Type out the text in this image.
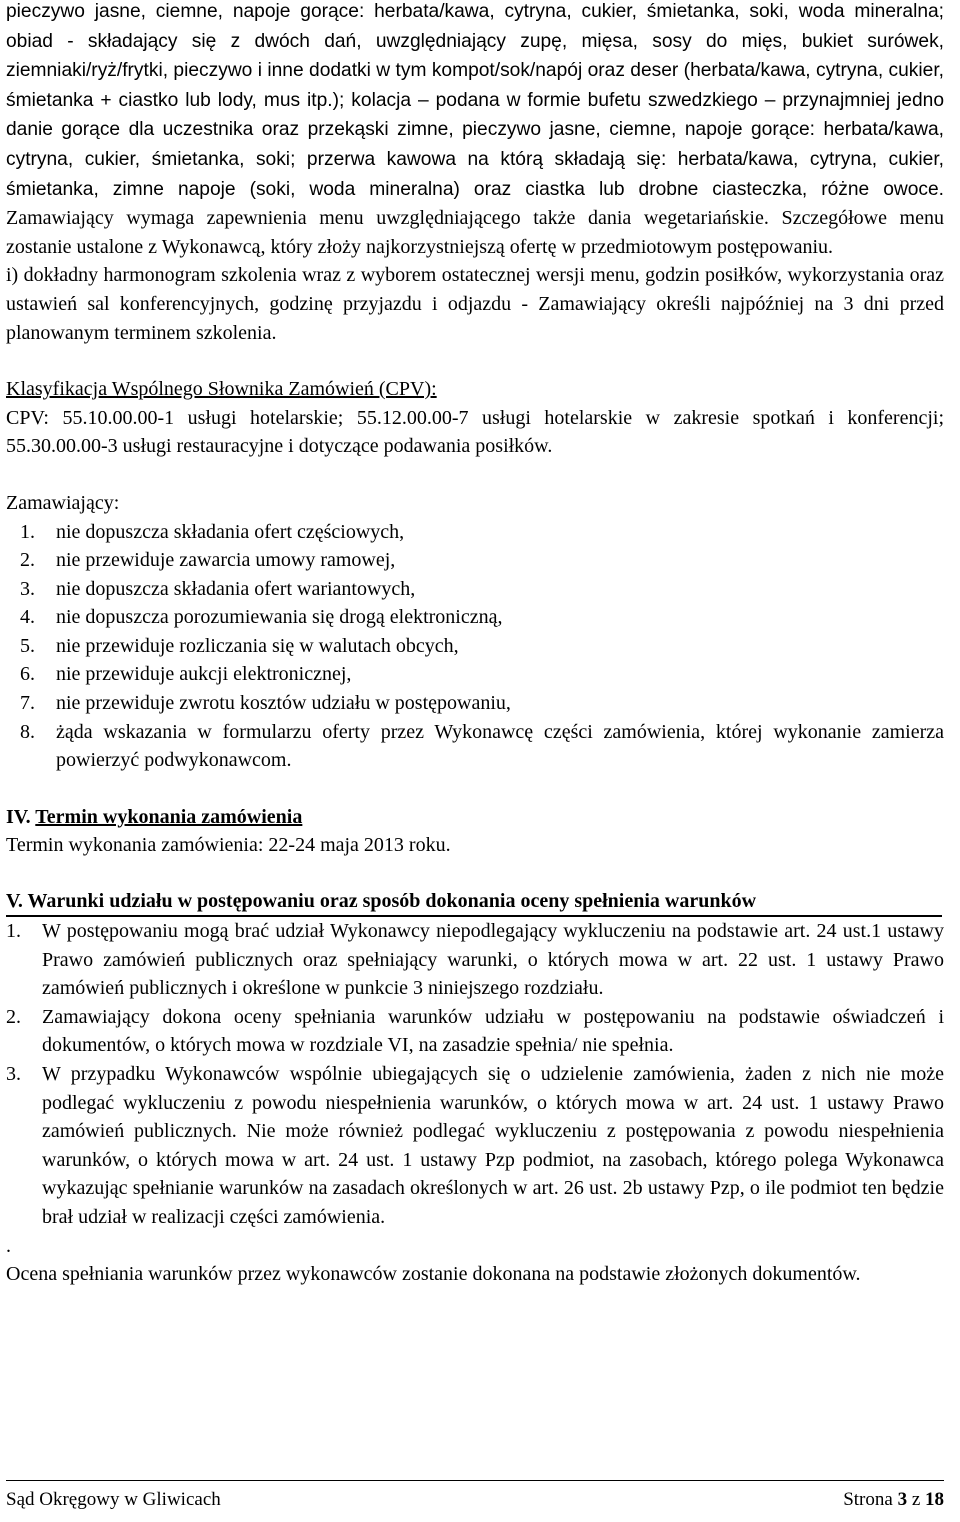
pieczywo jasne, ciemne, napoje gorące: herbata/kawa, cytryna, cukier, śmietanka, soki, woda mineralna; obiad - składający się z dwóch dań, uwzględniający zupę, mięsa, sosy do mięs, bukiet surówek, ziemniaki/ryż/frytki, pieczywo i inne dodatki w tym kompot/sok/napój oraz deser (herbata/kawa, cytryna, cukier, śmietanka + ciastko lub lody, mus itp.); kolacja – podana w formie bufetu szwedzkiego – przynajmniej jedno danie gorące dla uczestnika oraz przekąski zimne, pieczywo jasne, ciemne, napoje gorące: herbata/kawa, cytryna, cukier, śmietanka, soki; przerwa kawowa na którą składają się: herbata/kawa, cytryna, cukier, śmietanka, zimne napoje (soki, woda mineralna) oraz ciastka lub drobne ciasteczka, różne owoce. Zamawiający wymaga zapewnienia menu uwzględniającego także dania wegetariańskie. Szczegółowe menu zostanie ustalone z Wykonawcą, który złoży najkorzystniejszą ofertę w przedmiotowym postępowaniu.

i) dokładny harmonogram szkolenia wraz z wyborem ostatecznej wersji menu, godzin posiłków, wykorzystania oraz ustawień sal konferencyjnych, godzinę przyjazdu i odjazdu - Zamawiający określi najpóźniej na 3 dni przed planowanym terminem szkolenia.

Klasyfikacja Wspólnego Słownika Zamówień (CPV):

CPV: 55.10.00.00-1 usługi hotelarskie; 55.12.00.00-7 usługi hotelarskie w zakresie spotkań i konferencji; 55.30.00.00-3 usługi restauracyjne i dotyczące podawania posiłków.

Zamawiający:

1. nie dopuszcza składania ofert częściowych,
2. nie przewiduje zawarcia umowy ramowej,
3. nie dopuszcza składania ofert wariantowych,
4. nie dopuszcza porozumiewania się drogą elektroniczną,
5. nie przewiduje rozliczania się w walutach obcych,
6. nie przewiduje aukcji elektronicznej,
7. nie przewiduje zwrotu kosztów udziału w postępowaniu,
8. żąda wskazania w formularzu oferty przez Wykonawcę części zamówienia, której wykonanie zamierza powierzyć podwykonawcom.

IV. Termin wykonania zamówienia

Termin wykonania zamówienia: 22-24 maja 2013 roku.

V. Warunki udziału w postępowaniu oraz sposób dokonania oceny spełnienia warunków

1. W postępowaniu mogą brać udział Wykonawcy niepodlegający wykluczeniu na podstawie art. 24 ust.1 ustawy Prawo zamówień publicznych oraz spełniający warunki, o których mowa w art. 22 ust. 1 ustawy Prawo zamówień publicznych i określone w punkcie 3 niniejszego rozdziału.
2. Zamawiający dokona oceny spełniania warunków udziału w postępowaniu na podstawie oświadczeń i dokumentów, o których mowa w rozdziale VI, na zasadzie spełnia/ nie spełnia.
3. W przypadku Wykonawców wspólnie ubiegających się o udzielenie zamówienia, żaden z nich nie może podlegać wykluczeniu z powodu niespełnienia warunków, o których mowa w art. 24 ust. 1 ustawy Prawo zamówień publicznych. Nie może również podlegać wykluczeniu z postępowania z powodu niespełnienia warunków, o których mowa w art. 24 ust. 1 ustawy Pzp podmiot, na zasobach, którego polega Wykonawca wykazując spełnianie warunków na zasadach określonych w art. 26 ust. 2b ustawy Pzp, o ile podmiot ten będzie brał udział w realizacji części zamówienia.

.

Ocena spełniania warunków przez wykonawców zostanie dokonana na podstawie złożonych dokumentów.

Sąd Okręgowy w Gliwicach	Strona 3 z 18
